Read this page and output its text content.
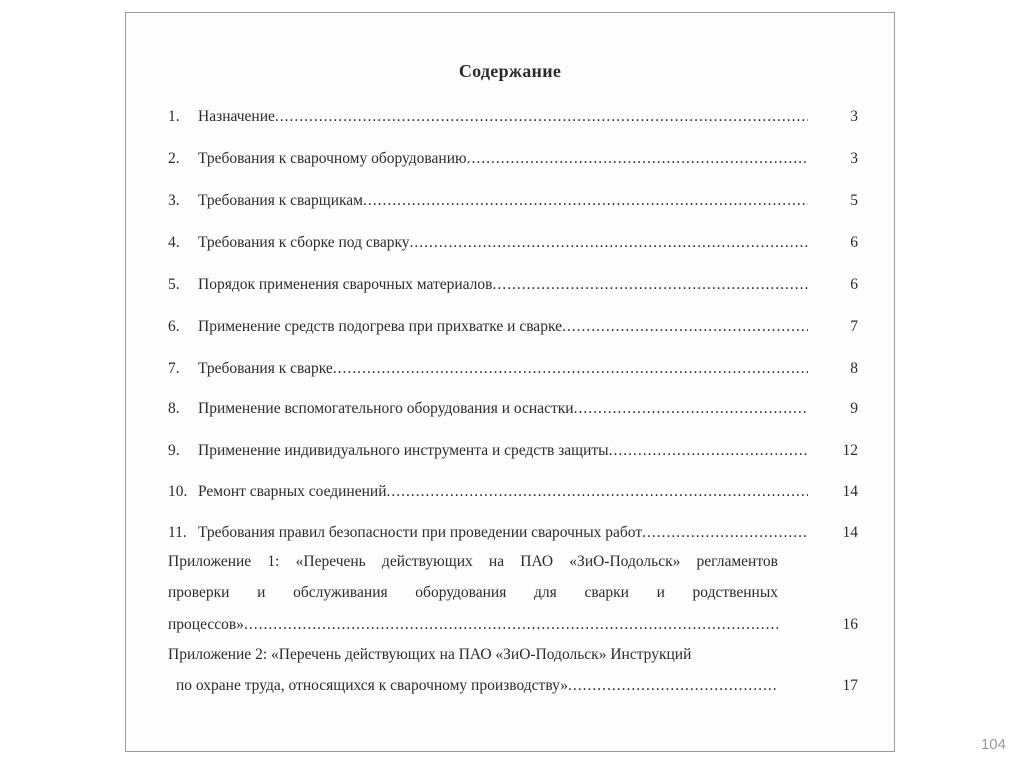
Содержание
1. Назначение .....	3
2. Требования к сварочному оборудованию .....	3
3. Требования к сварщикам .....	5
4. Требования к сборке под сварку .....	6
5. Порядок применения сварочных материалов .....	6
6. Применение средств подогрева при прихватке и сварке .....	7
7. Требования к сварке .....	8
8. Применение вспомогательного оборудования и оснастки .....	9
9. Применение индивидуального инструмента и средств защиты .....	12
10. Ремонт сварных соединений .....	14
11. Требования правил безопасности при проведении сварочных работ .....	14
Приложение 1: «Перечень действующих на ПАО «ЗиО-Подольск» регламентов
проверки и обслуживания оборудования для сварки и родственных
процессов» .....	16
Приложение 2: «Перечень действующих на ПАО «ЗиО-Подольск» Инструкций
по охране труда, относящихся к сварочному производству» .....	17
104
